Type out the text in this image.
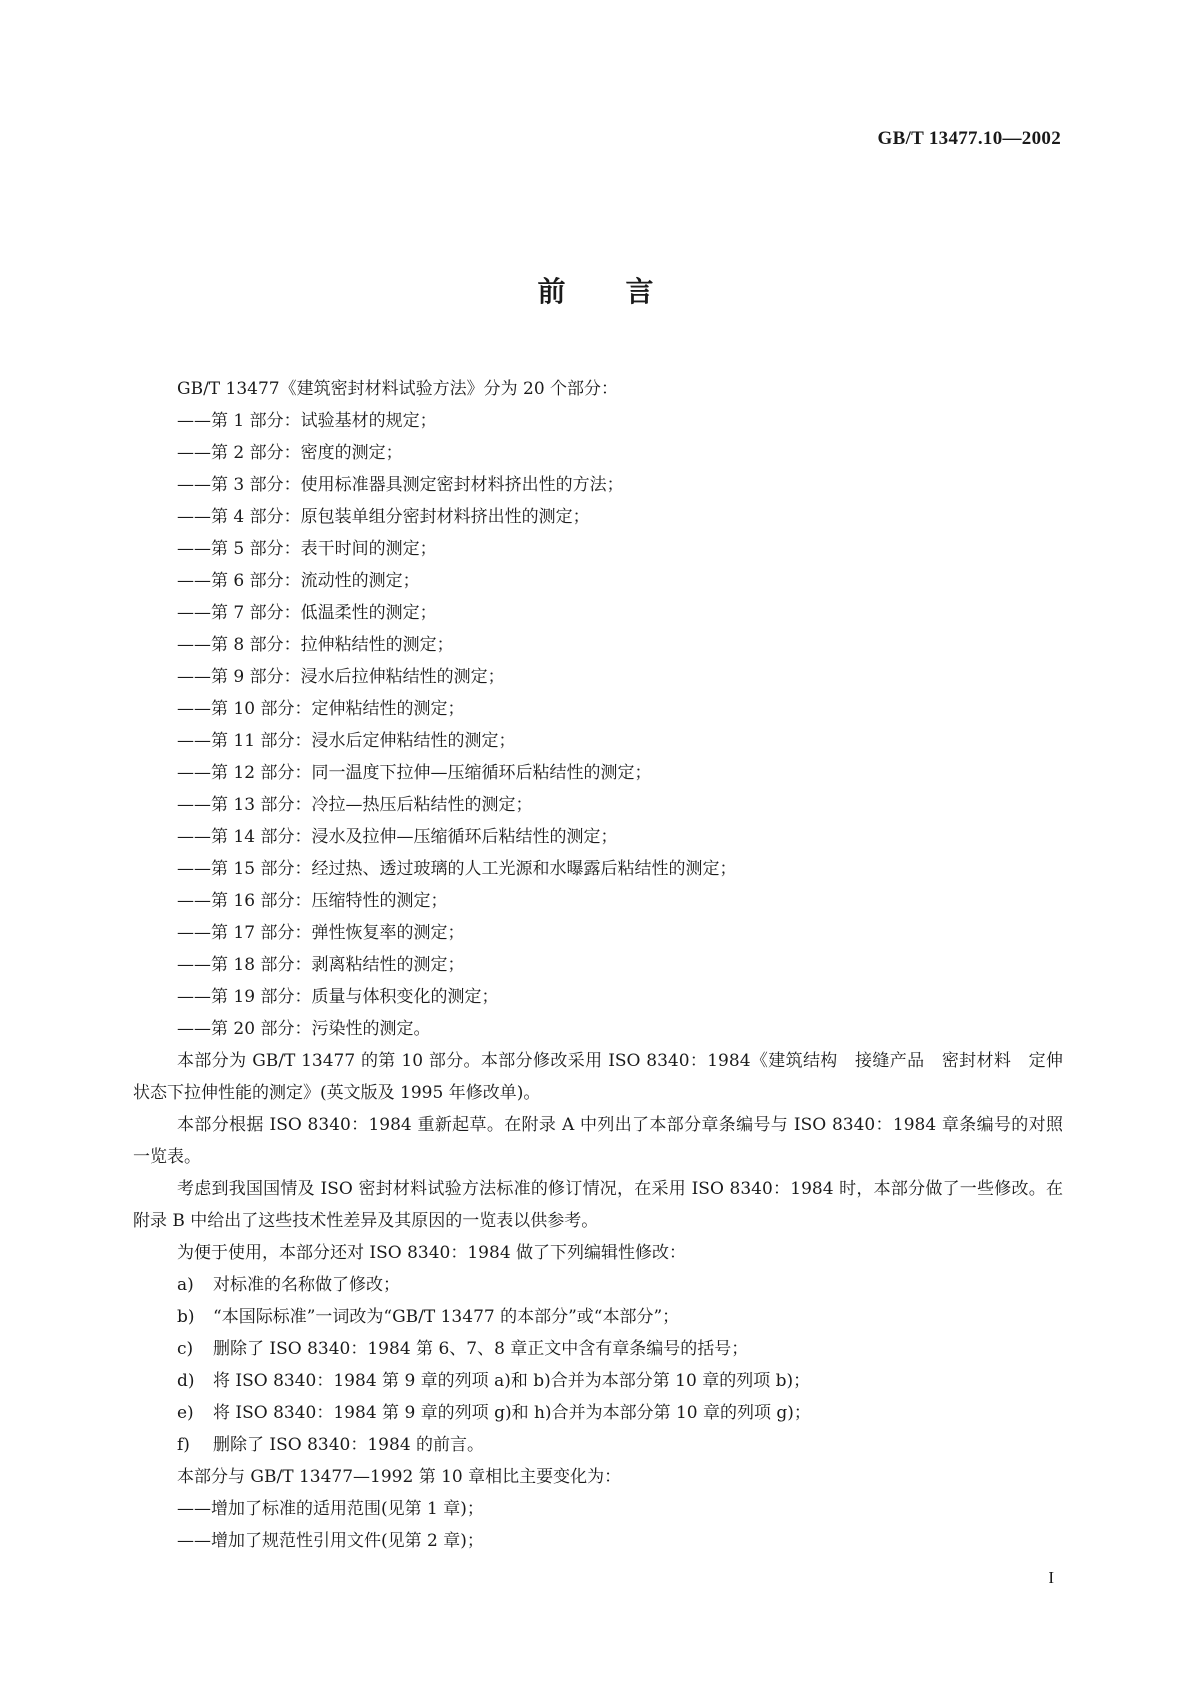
GB/T 13477.10—2002
前言

GB/T 13477《建筑密封材料试验方法》分为 20 个部分：

——第 1 部分：试验基材的规定；

——第 2 部分：密度的测定；

——第 3 部分：使用标准器具测定密封材料挤出性的方法；

——第 4 部分：原包装单组分密封材料挤出性的测定；

——第 5 部分：表干时间的测定；

——第 6 部分：流动性的测定；

——第 7 部分：低温柔性的测定；

——第 8 部分：拉伸粘结性的测定；

——第 9 部分：浸水后拉伸粘结性的测定；

——第 10 部分：定伸粘结性的测定；

——第 11 部分：浸水后定伸粘结性的测定；

——第 12 部分：同一温度下拉伸—压缩循环后粘结性的测定；

——第 13 部分：冷拉—热压后粘结性的测定；

——第 14 部分：浸水及拉伸—压缩循环后粘结性的测定；

——第 15 部分：经过热、透过玻璃的人工光源和水曝露后粘结性的测定；

——第 16 部分：压缩特性的测定；

——第 17 部分：弹性恢复率的测定；

——第 18 部分：剥离粘结性的测定；

——第 19 部分：质量与体积变化的测定；

——第 20 部分：污染性的测定。

本部分为 GB/T 13477 的第 10 部分。本部分修改采用 ISO 8340：1984《建筑结构　接缝产品　密封材料　定伸状态下拉伸性能的测定》(英文版及 1995 年修改单)。

本部分根据 ISO 8340：1984 重新起草。在附录 A 中列出了本部分章条编号与 ISO 8340：1984 章条编号的对照一览表。

考虑到我国国情及 ISO 密封材料试验方法标准的修订情况，在采用 ISO 8340：1984 时，本部分做了一些修改。在附录 B 中给出了这些技术性差异及其原因的一览表以供参考。

为便于使用，本部分还对 ISO 8340：1984 做了下列编辑性修改：

a) 对标准的名称做了修改；

b) “本国际标准”一词改为“GB/T 13477 的本部分”或“本部分”；

c) 删除了 ISO 8340：1984 第 6、7、8 章正文中含有章条编号的括号；

d) 将 ISO 8340：1984 第 9 章的列项 a)和 b)合并为本部分第 10 章的列项 b)；

e) 将 ISO 8340：1984 第 9 章的列项 g)和 h)合并为本部分第 10 章的列项 g)；

f) 删除了 ISO 8340：1984 的前言。

本部分与 GB/T 13477—1992 第 10 章相比主要变化为：

——增加了标准的适用范围(见第 1 章)；

——增加了规范性引用文件(见第 2 章)；

I
